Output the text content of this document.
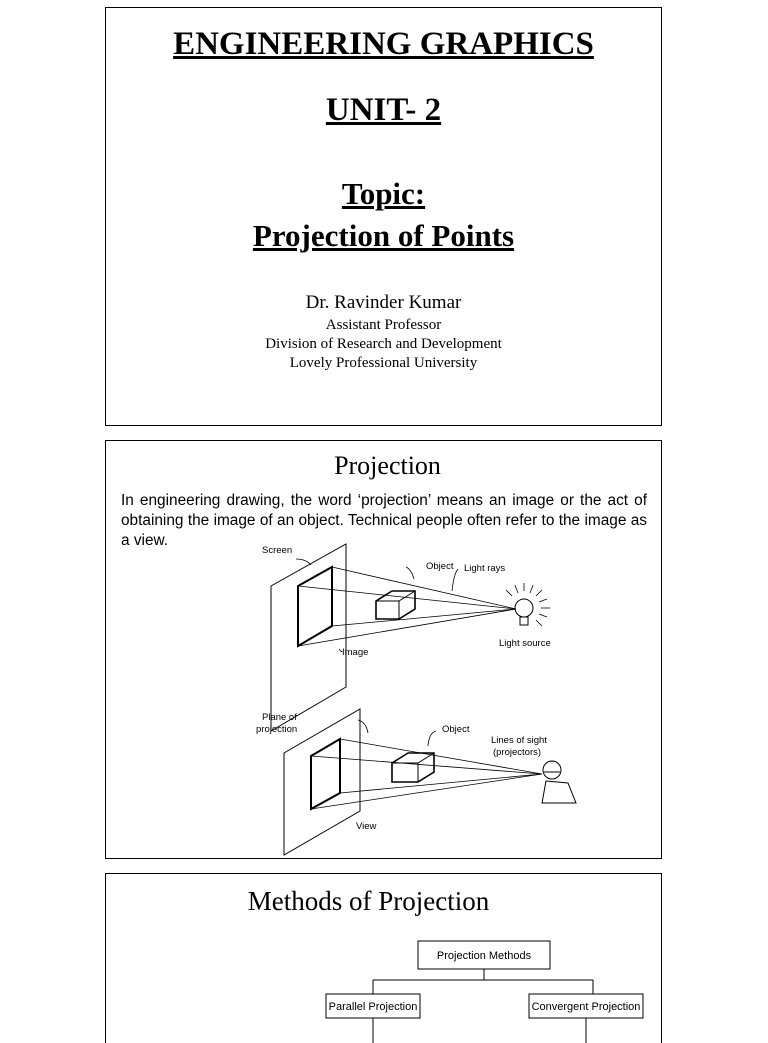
ENGINEERING GRAPHICS
UNIT- 2
Topic:
Projection of Points
Dr. Ravinder Kumar
Assistant Professor
Division of Research and Development
Lovely Professional University
Projection
In engineering drawing, the word ‘projection’ means an image or the act of obtaining the image of an object. Technical people often refer to the image as a view.
Screen
Object Light rays
Light source
Image
Plane of
projection	Object
Lines of sight
(projectors)
View
Methods of Projection
Projection Methods
Parallel Projection	Convergent Projection
